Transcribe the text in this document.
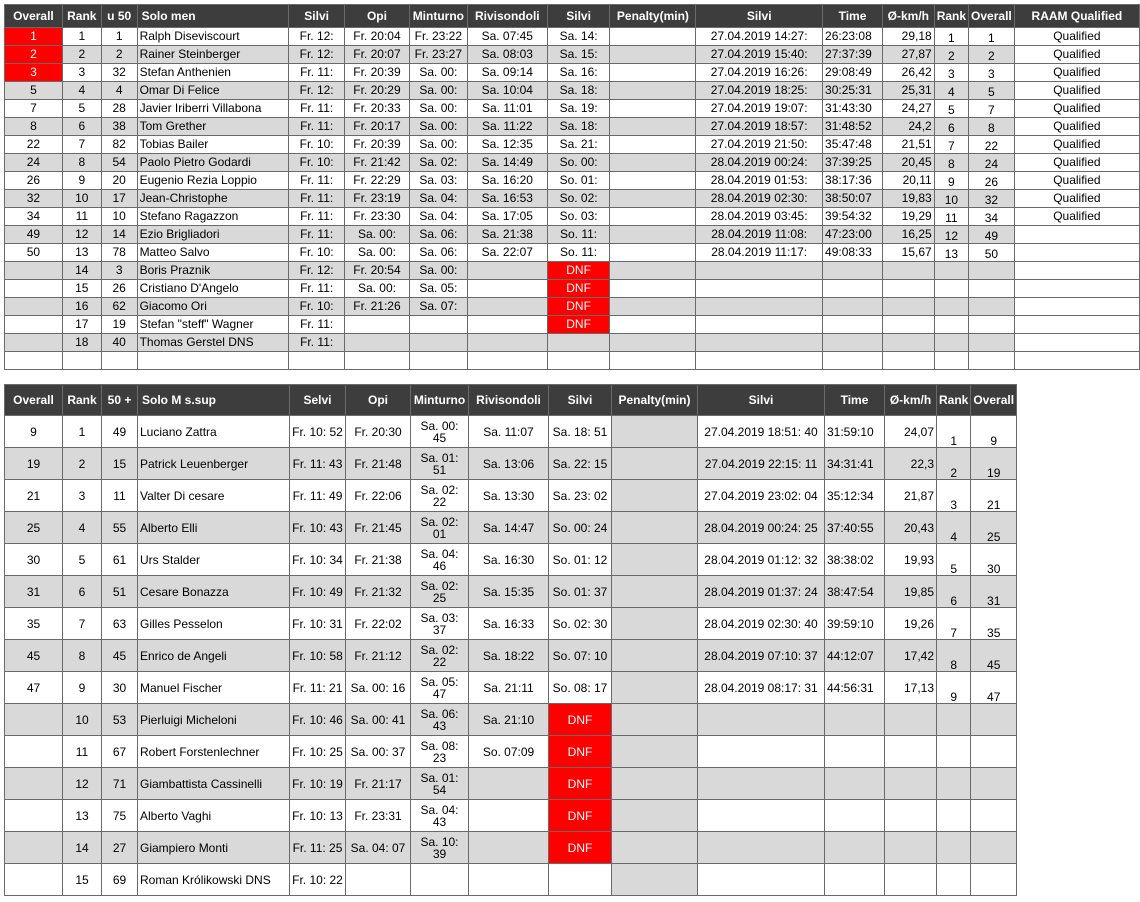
Overall	Rank	u 50	Solo men	Silvi	Opi	Minturno	Rivisondoli	Silvi	Penalty(min)	Silvi	Time	Ø-km/h	Rank	Overall	RAAM Qualified
1	1	1	Ralph Diseviscourt	Fr. 12:	Fr. 20:04	Fr. 23:22	Sa. 07:45	Sa. 14:		27.04.2019 14:27:	26:23:08	29,18	1	1	Qualified
2	2	2	Rainer Steinberger	Fr. 12:	Fr. 20:07	Fr. 23:27	Sa. 08:03	Sa. 15:		27.04.2019 15:40:	27:37:39	27,87	2	2	Qualified
3	3	32	Stefan Anthenien	Fr. 11:	Fr. 20:39	Sa. 00:	Sa. 09:14	Sa. 16:		27.04.2019 16:26:	29:08:49	26,42	3	3	Qualified
5	4	4	Omar Di Felice	Fr. 12:	Fr. 20:29	Sa. 00:	Sa. 10:04	Sa. 18:		27.04.2019 18:25:	30:25:31	25,31	4	5	Qualified
7	5	28	Javier Iriberri Villabona	Fr. 11:	Fr. 20:33	Sa. 00:	Sa. 11:01	Sa. 19:		27.04.2019 19:07:	31:43:30	24,27	5	7	Qualified
8	6	38	Tom Grether	Fr. 11:	Fr. 20:17	Sa. 00:	Sa. 11:22	Sa. 18:		27.04.2019 18:57:	31:48:52	24,2	6	8	Qualified
22	7	82	Tobias Bailer	Fr. 10:	Fr. 20:39	Sa. 00:	Sa. 12:35	Sa. 21:		27.04.2019 21:50:	35:47:48	21,51	7	22	Qualified
24	8	54	Paolo Pietro Godardi	Fr. 10:	Fr. 21:42	Sa. 02:	Sa. 14:49	So. 00:		28.04.2019 00:24:	37:39:25	20,45	8	24	Qualified
26	9	20	Eugenio Rezia Loppio	Fr. 11:	Fr. 22:29	Sa. 03:	Sa. 16:20	So. 01:		28.04.2019 01:53:	38:17:36	20,11	9	26	Qualified
32	10	17	Jean-Christophe	Fr. 11:	Fr. 23:19	Sa. 04:	Sa. 16:53	So. 02:		28.04.2019 02:30:	38:50:07	19,83	10	32	Qualified
34	11	10	Stefano Ragazzon	Fr. 11:	Fr. 23:30	Sa. 04:	Sa. 17:05	So. 03:		28.04.2019 03:45:	39:54:32	19,29	11	34	Qualified
49	12	14	Ezio Brigliadori	Fr. 11:	Sa. 00:	Sa. 06:	Sa. 21:38	So. 11:		28.04.2019 11:08:	47:23:00	16,25	12	49	
50	13	78	Matteo Salvo	Fr. 10:	Sa. 00:	Sa. 06:	Sa. 22:07	So. 11:		28.04.2019 11:17:	49:08:33	15,67	13	50	
	14	3	Boris Praznik	Fr. 12:	Fr. 20:54	Sa. 00:		DNF							
	15	26	Cristiano D'Angelo	Fr. 11:	Sa. 00:	Sa. 05:		DNF							
	16	62	Giacomo Ori	Fr. 10:	Fr. 21:26	Sa. 07:		DNF							
	17	19	Stefan "steff" Wagner	Fr. 11:				DNF							
	18	40	Thomas Gerstel DNS	Fr. 11:											

Overall	Rank	50 +	Solo M s.sup	Selvi	Opi	Minturno	Rivisondoli	Silvi	Penalty(min)	Silvi	Time	Ø-km/h	Rank	Overall
9	1	49	Luciano Zattra	Fr. 10: 52	Fr. 20:30	Sa. 00: 45	Sa. 11:07	Sa. 18: 51		27.04.2019 18:51: 40	31:59:10	24,07	1	9
19	2	15	Patrick Leuenberger	Fr. 11: 43	Fr. 21:48	Sa. 01: 51	Sa. 13:06	Sa. 22: 15		27.04.2019 22:15: 11	34:31:41	22,3	2	19
21	3	11	Valter Di cesare	Fr. 11: 49	Fr. 22:06	Sa. 02: 22	Sa. 13:30	Sa. 23: 02		27.04.2019 23:02: 04	35:12:34	21,87	3	21
25	4	55	Alberto Elli	Fr. 10: 43	Fr. 21:45	Sa. 02: 01	Sa. 14:47	So. 00: 24		28.04.2019 00:24: 25	37:40:55	20,43	4	25
30	5	61	Urs Stalder	Fr. 10: 34	Fr. 21:38	Sa. 04: 46	Sa. 16:30	So. 01: 12		28.04.2019 01:12: 32	38:38:02	19,93	5	30
31	6	51	Cesare Bonazza	Fr. 10: 49	Fr. 21:32	Sa. 02: 25	Sa. 15:35	So. 01: 37		28.04.2019 01:37: 24	38:47:54	19,85	6	31
35	7	63	Gilles Pesselon	Fr. 10: 31	Fr. 22:02	Sa. 03: 37	Sa. 16:33	So. 02: 30		28.04.2019 02:30: 40	39:59:10	19,26	7	35
45	8	45	Enrico de Angeli	Fr. 10: 58	Fr. 21:12	Sa. 02: 22	Sa. 18:22	So. 07: 10		28.04.2019 07:10: 37	44:12:07	17,42	8	45
47	9	30	Manuel Fischer	Fr. 11: 21	Sa. 00: 16	Sa. 05: 47	Sa. 21:11	So. 08: 17		28.04.2019 08:17: 31	44:56:31	17,13	9	47
	10	53	Pierluigi Micheloni	Fr. 10: 46	Sa. 00: 41	Sa. 06: 43	Sa. 21:10	DNF						
	11	67	Robert Forstenlechner	Fr. 10: 25	Sa. 00: 37	Sa. 08: 23	So. 07:09	DNF						
	12	71	Giambattista Cassinelli	Fr. 10: 19	Fr. 21:17	Sa. 01: 54		DNF						
	13	75	Alberto Vaghi	Fr. 10: 13	Fr. 23:31	Sa. 04: 43		DNF						
	14	27	Giampiero Monti	Fr. 11: 25	Sa. 04: 07	Sa. 10: 39		DNF						
	15	69	Roman Królikowski DNS	Fr. 10: 22										
